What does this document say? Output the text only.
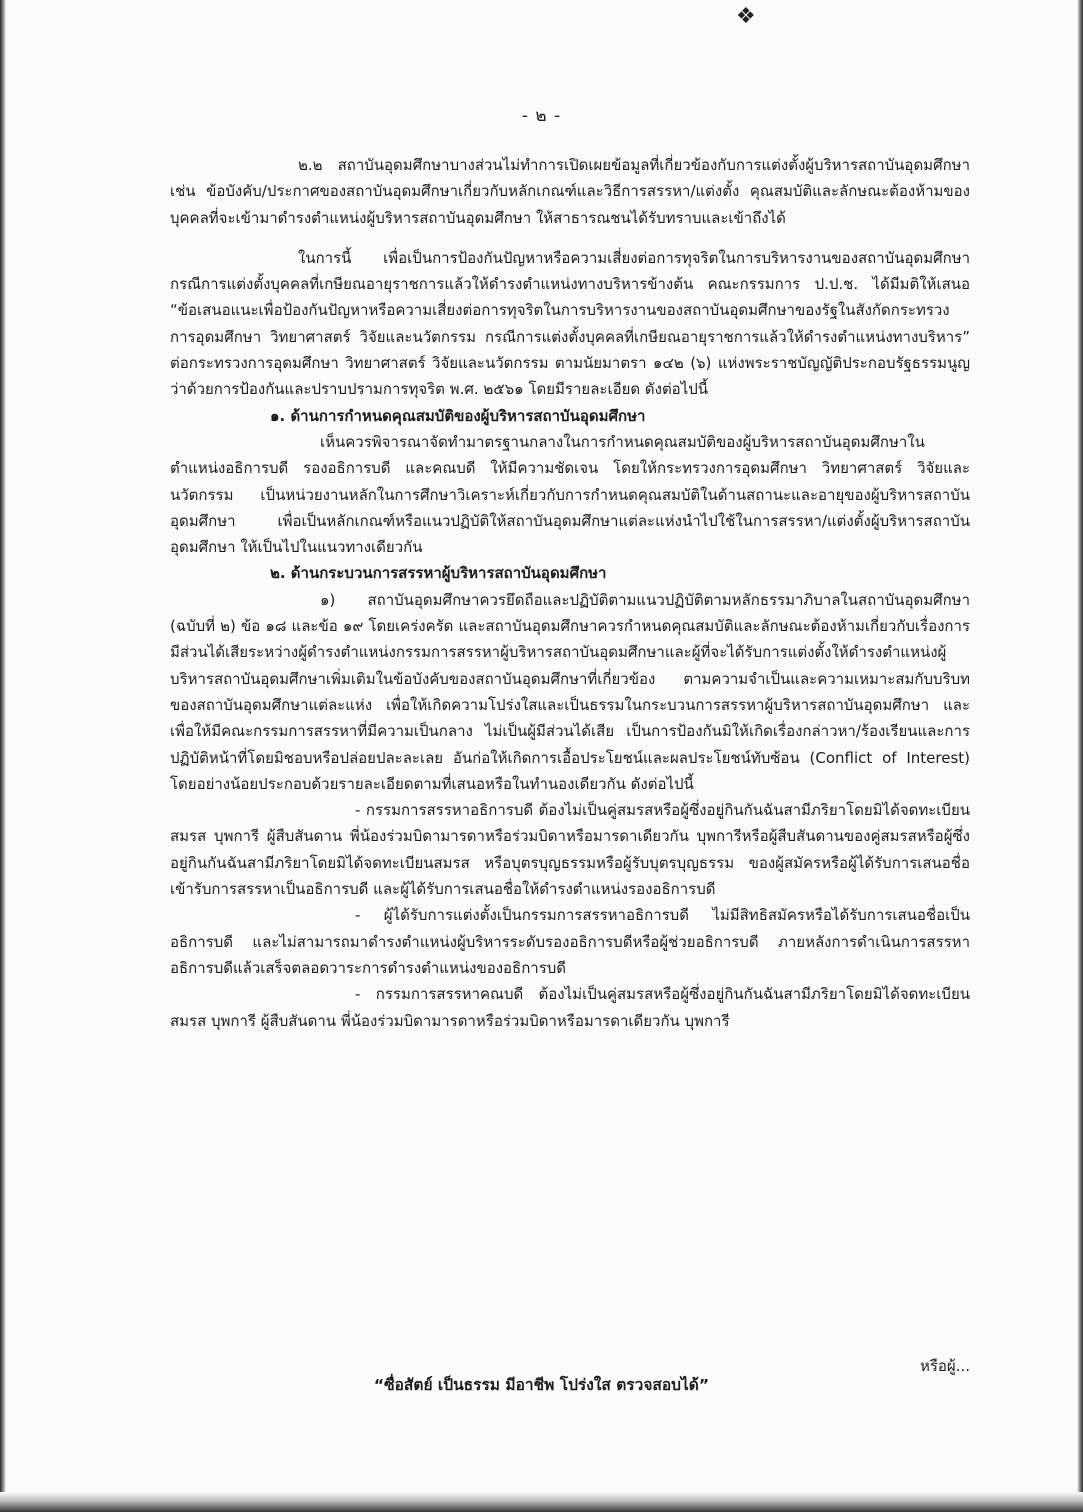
❖
- ๒ -

๒.๒ สถาบันอุดมศึกษาบางส่วนไม่ทำการเปิดเผยข้อมูลที่เกี่ยวข้องกับการแต่งตั้งผู้บริหารสถาบันอุดมศึกษา เช่น ข้อบังคับ/ประกาศของสถาบันอุดมศึกษาเกี่ยวกับหลักเกณฑ์และวิธีการสรรหา/แต่งตั้ง คุณสมบัติและลักษณะต้องห้ามของบุคคลที่จะเข้ามาดำรงตำแหน่งผู้บริหารสถาบันอุดมศึกษา ให้สาธารณชนได้รับทราบและเข้าถึงได้

ในการนี้ เพื่อเป็นการป้องกันปัญหาหรือความเสี่ยงต่อการทุจริตในการบริหารงานของสถาบันอุดมศึกษา กรณีการแต่งตั้งบุคคลที่เกษียณอายุราชการแล้วให้ดำรงตำแหน่งทางบริหารข้างต้น คณะกรรมการ ป.ป.ช. ได้มีมติให้เสนอ “ข้อเสนอแนะเพื่อป้องกันปัญหาหรือความเสี่ยงต่อการทุจริตในการบริหารงานของสถาบันอุดมศึกษาของรัฐในสังกัดกระทรวงการอุดมศึกษา วิทยาศาสตร์ วิจัยและนวัตกรรม กรณีการแต่งตั้งบุคคลที่เกษียณอายุราชการแล้วให้ดำรงตำแหน่งทางบริหาร” ต่อกระทรวงการอุดมศึกษา วิทยาศาสตร์ วิจัยและนวัตกรรม ตามนัยมาตรา ๑๔๒ (๖) แห่งพระราชบัญญัติประกอบรัฐธรรมนูญว่าด้วยการป้องกันและปราบปรามการทุจริต พ.ศ. ๒๕๖๑ โดยมีรายละเอียด ดังต่อไปนี้

๑. ด้านการกำหนดคุณสมบัติของผู้บริหารสถาบันอุดมศึกษา

เห็นควรพิจารณาจัดทำมาตรฐานกลางในการกำหนดคุณสมบัติของผู้บริหารสถาบันอุดมศึกษาในตำแหน่งอธิการบดี รองอธิการบดี และคณบดี ให้มีความชัดเจน โดยให้กระทรวงการอุดมศึกษา วิทยาศาสตร์ วิจัยและนวัตกรรม เป็นหน่วยงานหลักในการศึกษาวิเคราะห์เกี่ยวกับการกำหนดคุณสมบัติในด้านสถานะและอายุของผู้บริหารสถาบันอุดมศึกษา เพื่อเป็นหลักเกณฑ์หรือแนวปฏิบัติให้สถาบันอุดมศึกษาแต่ละแห่งนำไปใช้ในการสรรหา/แต่งตั้งผู้บริหารสถาบันอุดมศึกษา ให้เป็นไปในแนวทางเดียวกัน

๒. ด้านกระบวนการสรรหาผู้บริหารสถาบันอุดมศึกษา

๑) สถาบันอุดมศึกษาควรยึดถือและปฏิบัติตามแนวปฏิบัติตามหลักธรรมาภิบาลในสถาบันอุดมศึกษา (ฉบับที่ ๒) ข้อ ๑๘ และข้อ ๑๙ โดยเคร่งครัด และสถาบันอุดมศึกษาควรกำหนดคุณสมบัติและลักษณะต้องห้ามเกี่ยวกับเรื่องการมีส่วนได้เสียระหว่างผู้ดำรงตำแหน่งกรรมการสรรหาผู้บริหารสถาบันอุดมศึกษาและผู้ที่จะได้รับการแต่งตั้งให้ดำรงตำแหน่งผู้บริหารสถาบันอุดมศึกษาเพิ่มเติมในข้อบังคับของสถาบันอุดมศึกษาที่เกี่ยวข้อง ตามความจำเป็นและความเหมาะสมกับบริบทของสถาบันอุดมศึกษาแต่ละแห่ง เพื่อให้เกิดความโปร่งใสและเป็นธรรมในกระบวนการสรรหาผู้บริหารสถาบันอุดมศึกษา และเพื่อให้มีคณะกรรมการสรรหาที่มีความเป็นกลาง ไม่เป็นผู้มีส่วนได้เสีย เป็นการป้องกันมิให้เกิดเรื่องกล่าวหา/ร้องเรียนและการปฏิบัติหน้าที่โดยมิชอบหรือปล่อยปละละเลย อันก่อให้เกิดการเอื้อประโยชน์และผลประโยชน์ทับซ้อน (Conflict of Interest) โดยอย่างน้อยประกอบด้วยรายละเอียดตามที่เสนอหรือในทำนองเดียวกัน ดังต่อไปนี้

- กรรมการสรรหาอธิการบดี ต้องไม่เป็นคู่สมรสหรือผู้ซึ่งอยู่กินกันฉันสามีภริยาโดยมิได้จดทะเบียนสมรส บุพการี ผู้สืบสันดาน พี่น้องร่วมบิดามารดาหรือร่วมบิดาหรือมารดาเดียวกัน บุพการีหรือผู้สืบสันดานของคู่สมรสหรือผู้ซึ่งอยู่กินกันฉันสามีภริยาโดยมิได้จดทะเบียนสมรส หรือบุตรบุญธรรมหรือผู้รับบุตรบุญธรรม ของผู้สมัครหรือผู้ได้รับการเสนอชื่อเข้ารับการสรรหาเป็นอธิการบดี และผู้ได้รับการเสนอชื่อให้ดำรงตำแหน่งรองอธิการบดี

- ผู้ได้รับการแต่งตั้งเป็นกรรมการสรรหาอธิการบดี ไม่มีสิทธิสมัครหรือได้รับการเสนอชื่อเป็นอธิการบดี และไม่สามารถมาดำรงตำแหน่งผู้บริหารระดับรองอธิการบดีหรือผู้ช่วยอธิการบดี ภายหลังการดำเนินการสรรหาอธิการบดีแล้วเสร็จตลอดวาระการดำรงตำแหน่งของอธิการบดี

- กรรมการสรรหาคณบดี ต้องไม่เป็นคู่สมรสหรือผู้ซึ่งอยู่กินกันฉันสามีภริยาโดยมิได้จดทะเบียนสมรส บุพการี ผู้สืบสันดาน พี่น้องร่วมบิดามารดาหรือร่วมบิดาหรือมารดาเดียวกัน บุพการี

หรือผู้...
“ซื่อสัตย์ เป็นธรรม มีอาชีพ โปร่งใส ตรวจสอบได้”
